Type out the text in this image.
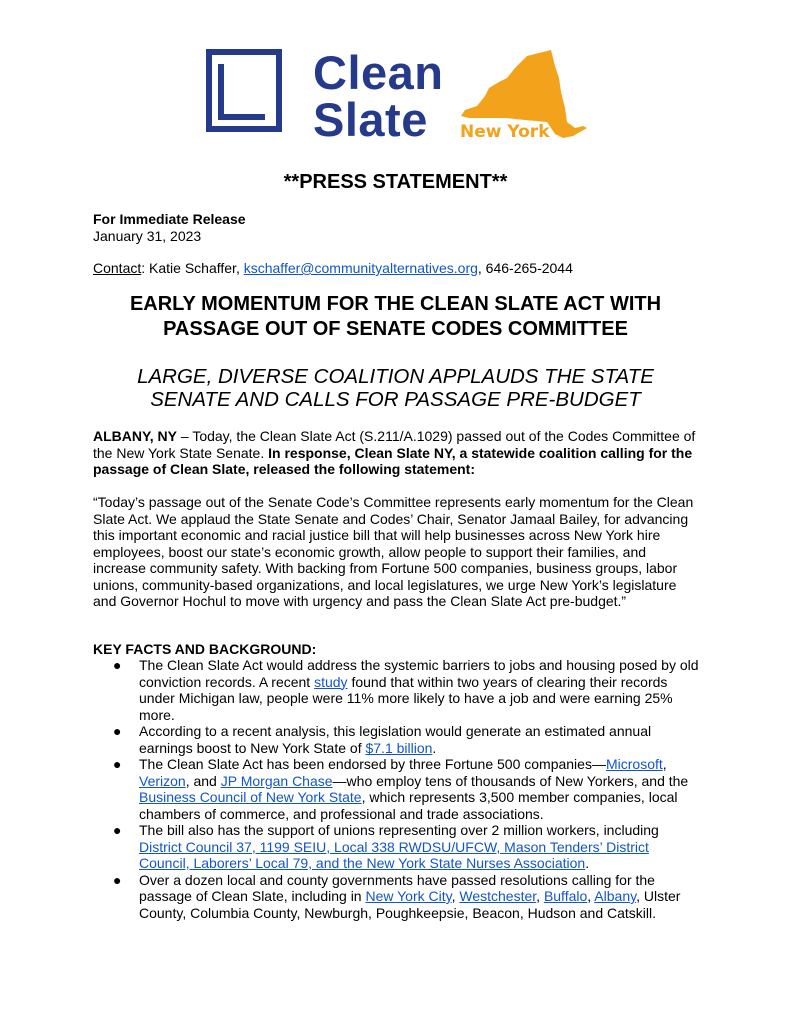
Clean
Slate New York
**PRESS STATEMENT**
For Immediate Release
January 31, 2023
Contact: Katie Schaffer, kschaffer@communityalternatives.org, 646-265-2044
EARLY MOMENTUM FOR THE CLEAN SLATE ACT WITH
PASSAGE OUT OF SENATE CODES COMMITTEE
LARGE, DIVERSE COALITION APPLAUDS THE STATE
SENATE AND CALLS FOR PASSAGE PRE-BUDGET
ALBANY, NY – Today, the Clean Slate Act (S.211/A.1029) passed out of the Codes Committee of the New York State Senate. In response, Clean Slate NY, a statewide coalition calling for the passage of Clean Slate, released the following statement:
“Today’s passage out of the Senate Code’s Committee represents early momentum for the Clean Slate Act. We applaud the State Senate and Codes’ Chair, Senator Jamaal Bailey, for advancing this important economic and racial justice bill that will help businesses across New York hire employees, boost our state’s economic growth, allow people to support their families, and increase community safety. With backing from Fortune 500 companies, business groups, labor unions, community-based organizations, and local legislatures, we urge New York’s legislature and Governor Hochul to move with urgency and pass the Clean Slate Act pre-budget.”
KEY FACTS AND BACKGROUND:
● The Clean Slate Act would address the systemic barriers to jobs and housing posed by old conviction records. A recent study found that within two years of clearing their records under Michigan law, people were 11% more likely to have a job and were earning 25% more.
● According to a recent analysis, this legislation would generate an estimated annual earnings boost to New York State of $7.1 billion.
● The Clean Slate Act has been endorsed by three Fortune 500 companies—Microsoft, Verizon, and JP Morgan Chase—who employ tens of thousands of New Yorkers, and the Business Council of New York State, which represents 3,500 member companies, local chambers of commerce, and professional and trade associations.
● The bill also has the support of unions representing over 2 million workers, including District Council 37, 1199 SEIU, Local 338 RWDSU/UFCW, Mason Tenders’ District Council, Laborers’ Local 79, and the New York State Nurses Association.
● Over a dozen local and county governments have passed resolutions calling for the passage of Clean Slate, including in New York City, Westchester, Buffalo, Albany, Ulster County, Columbia County, Newburgh, Poughkeepsie, Beacon, Hudson and Catskill.
